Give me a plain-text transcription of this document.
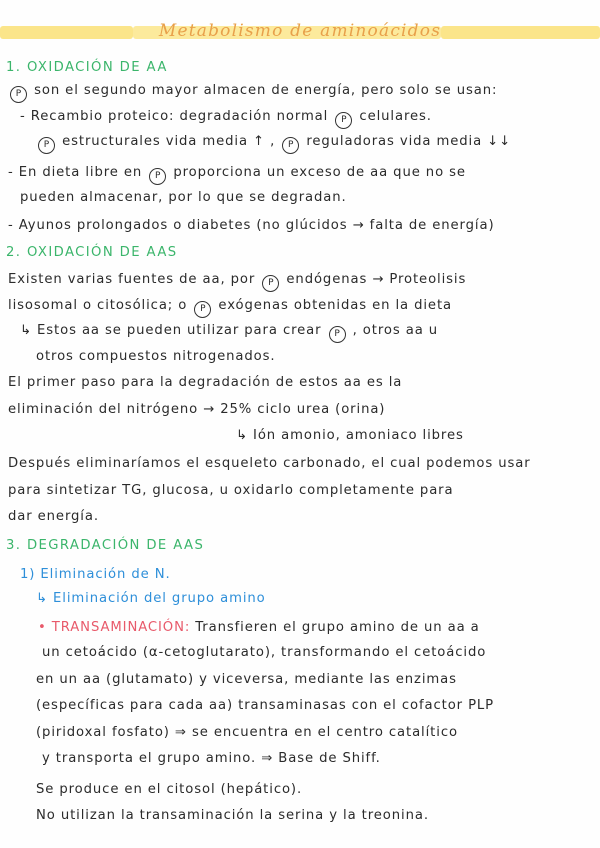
Metabolismo de aminoácidos
1. OXIDACIÓN DE AA
P son el segundo mayor almacen de energía, pero solo se usan:
- Recambio proteico: degradación normal P celulares.
P estructurales vida media ↑ , P reguladoras vida media ↓↓
- En dieta libre en P proporciona un exceso de aa que no se
pueden almacenar, por lo que se degradan.
- Ayunos prolongados o diabetes (no glúcidos → falta de energía)
2. OXIDACIÓN DE AAS
Existen varias fuentes de aa, por P endógenas → Proteolisis
lisosomal o citosólica; o P exógenas obtenidas en la dieta
↳ Estos aa se pueden utilizar para crear P , otros aa u
otros compuestos nitrogenados.
El primer paso para la degradación de estos aa es la
eliminación del nitrógeno → 25% ciclo urea (orina)
↳ Ión amonio, amoniaco libres
Después eliminaríamos el esqueleto carbonado, el cual podemos usar
para sintetizar TG, glucosa, u oxidarlo completamente para
dar energía.
3. DEGRADACIÓN DE AAS
1) Eliminación de N.
↳ Eliminación del grupo amino
• TRANSAMINACIÓN: Transfieren el grupo amino de un aa a
un cetoácido (α-cetoglutarato), transformando el cetoácido
en un aa (glutamato) y viceversa, mediante las enzimas
(específicas para cada aa) transaminasas con el cofactor PLP
(piridoxal fosfato) ⇒ se encuentra en el centro catalítico
y transporta el grupo amino. ⇒ Base de Shiff.
Se produce en el citosol (hepático).
No utilizan la transaminación la serina y la treonina.
